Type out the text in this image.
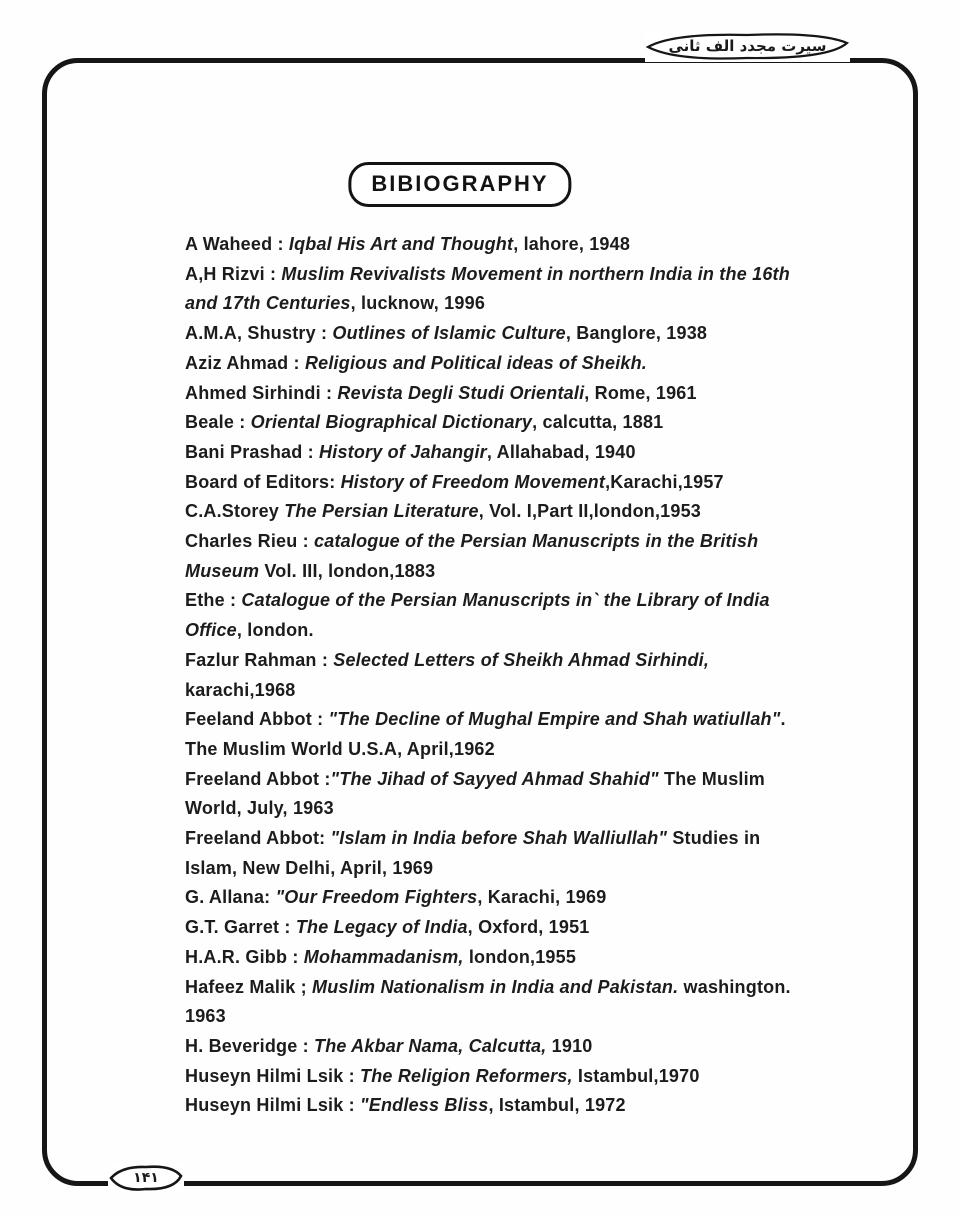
سيرت مجدد الف ثانى
BIBIOGRAPHY

A Waheed : Iqbal His Art and Thought, lahore, 1948

A,H Rizvi : Muslim Revivalists Movement in northern India in the 16th and 17th Centuries, lucknow, 1996

A.M.A, Shustry : Outlines of Islamic Culture, Banglore, 1938

Aziz Ahmad : Religious and Political ideas of Sheikh.

Ahmed Sirhindi : Revista Degli Studi Orientali, Rome, 1961

Beale : Oriental Biographical Dictionary, calcutta, 1881

Bani Prashad : History of Jahangir, Allahabad, 1940

Board of Editors: History of Freedom Movement,Karachi,1957

C.A.Storey The Persian Literature, Vol. I,Part II,london,1953

Charles Rieu : catalogue of the Persian Manuscripts in the British Museum Vol. III, london,1883

Ethe : Catalogue of the Persian Manuscripts in` the Library of India Office, london.

Fazlur Rahman : Selected Letters of Sheikh Ahmad Sirhindi, karachi,1968

Feeland Abbot : "The Decline of Mughal Empire and Shah watiullah". The Muslim World U.S.A, April,1962

Freeland Abbot :"The Jihad of Sayyed Ahmad Shahid" The Muslim World, July, 1963

Freeland Abbot: "Islam in India before Shah Walliullah" Studies in Islam, New Delhi, April, 1969

G. Allana: "Our Freedom Fighters, Karachi, 1969

G.T. Garret : The Legacy of India, Oxford, 1951

H.A.R. Gibb : Mohammadanism, london,1955

Hafeez Malik ; Muslim Nationalism in India and Pakistan. washington. 1963

H. Beveridge : The Akbar Nama, Calcutta, 1910

Huseyn Hilmi Lsik : The Religion Reformers, Istambul,1970

Huseyn Hilmi Lsik : "Endless Bliss, Istambul, 1972

۱۴۱
